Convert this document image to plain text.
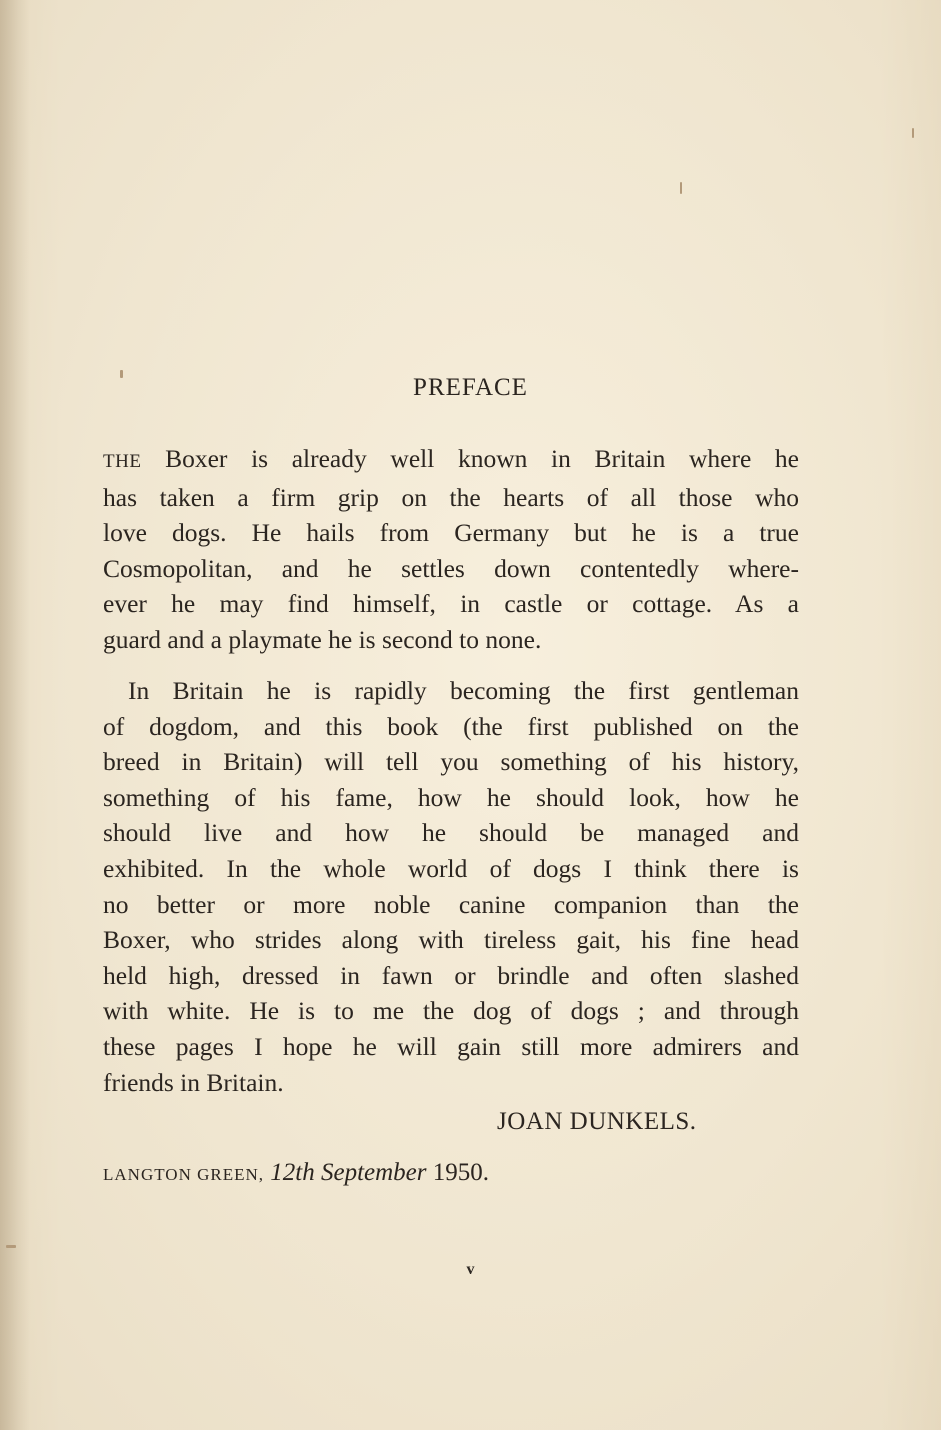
PREFACE
THE Boxer is already well known in Britain where he
has taken a firm grip on the hearts of all those who
love dogs. He hails from Germany but he is a true
Cosmopolitan, and he settles down contentedly where-
ever he may find himself, in castle or cottage. As a
guard and a playmate he is second to none.
In Britain he is rapidly becoming the first gentleman
of dogdom, and this book (the first published on the
breed in Britain) will tell you something of his history,
something of his fame, how he should look, how he
should live and how he should be managed and
exhibited. In the whole world of dogs I think there is
no better or more noble canine companion than the
Boxer, who strides along with tireless gait, his fine head
held high, dressed in fawn or brindle and often slashed
with white. He is to me the dog of dogs ; and through
these pages I hope he will gain still more admirers and
friends in Britain.
JOAN DUNKELS.
LANGTON GREEN, 12th September 1950.
v
